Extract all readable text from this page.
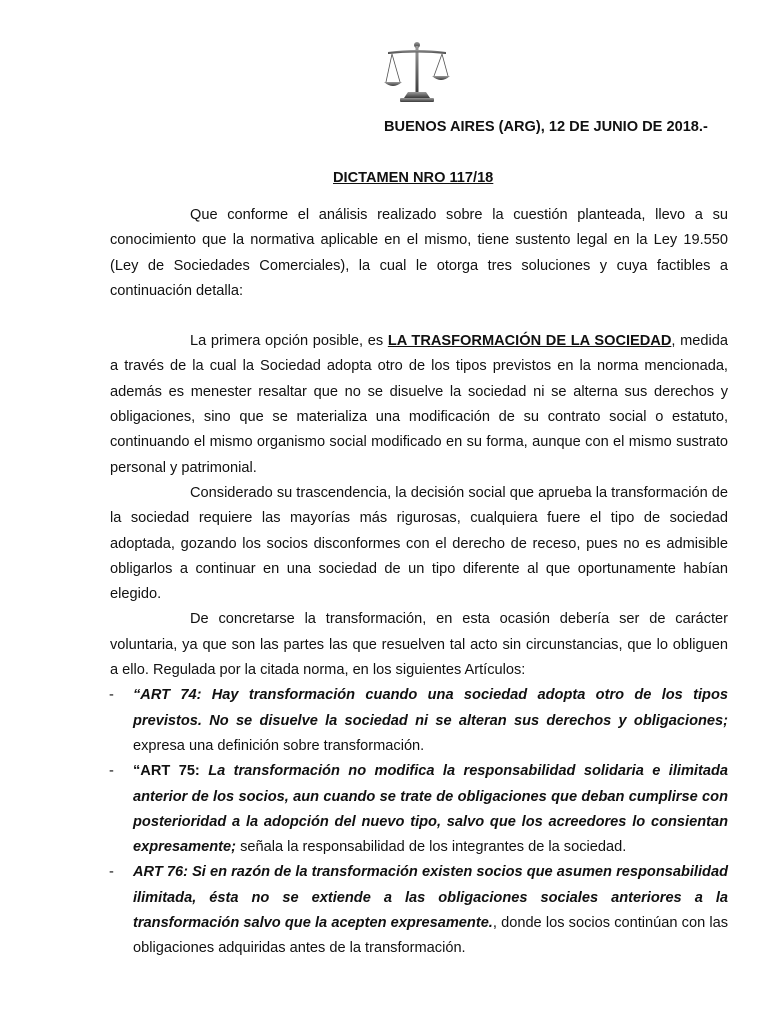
BUENOS AIRES (ARG), 12 DE JUNIO DE 2018.-
DICTAMEN NRO 117/18

Que conforme el análisis realizado sobre la cuestión planteada, llevo a su conocimiento que la normativa aplicable en el mismo, tiene sustento legal en la Ley 19.550 (Ley de Sociedades Comerciales), la cual le otorga tres soluciones y cuya factibles a continuación detalla:

La primera opción posible, es LA TRASFORMACIÓN DE LA SOCIEDAD, medida a través de la cual la Sociedad adopta otro de los tipos previstos en la norma mencionada, además es menester resaltar que no se disuelve la sociedad ni se alterna sus derechos y obligaciones, sino que se materializa una modificación de su contrato social o estatuto, continuando el mismo organismo social modificado en su forma, aunque con el mismo sustrato personal y patrimonial.

Considerado su trascendencia, la decisión social que aprueba la transformación de la sociedad requiere las mayorías más rigurosas, cualquiera fuere el tipo de sociedad adoptada, gozando los socios disconformes con el derecho de receso, pues no es admisible obligarlos a continuar en una sociedad de un tipo diferente al que oportunamente habían elegido.

De concretarse la transformación, en esta ocasión debería ser de carácter voluntaria, ya que son las partes las que resuelven tal acto sin circunstancias, que lo obliguen a ello. Regulada por la citada norma, en los siguientes Artículos:

- “ART 74: Hay transformación cuando una sociedad adopta otro de los tipos previstos. No se disuelve la sociedad ni se alteran sus derechos y obligaciones; expresa una definición sobre transformación.
- “ART 75: La transformación no modifica la responsabilidad solidaria e ilimitada anterior de los socios, aun cuando se trate de obligaciones que deban cumplirse con posterioridad a la adopción del nuevo tipo, salvo que los acreedores lo consientan expresamente; señala la responsabilidad de los integrantes de la sociedad.
- ART 76: Si en razón de la transformación existen socios que asumen responsabilidad ilimitada, ésta no se extiende a las obligaciones sociales anteriores a la transformación salvo que la acepten expresamente., donde los socios continúan con las obligaciones adquiridas antes de la transformación.
